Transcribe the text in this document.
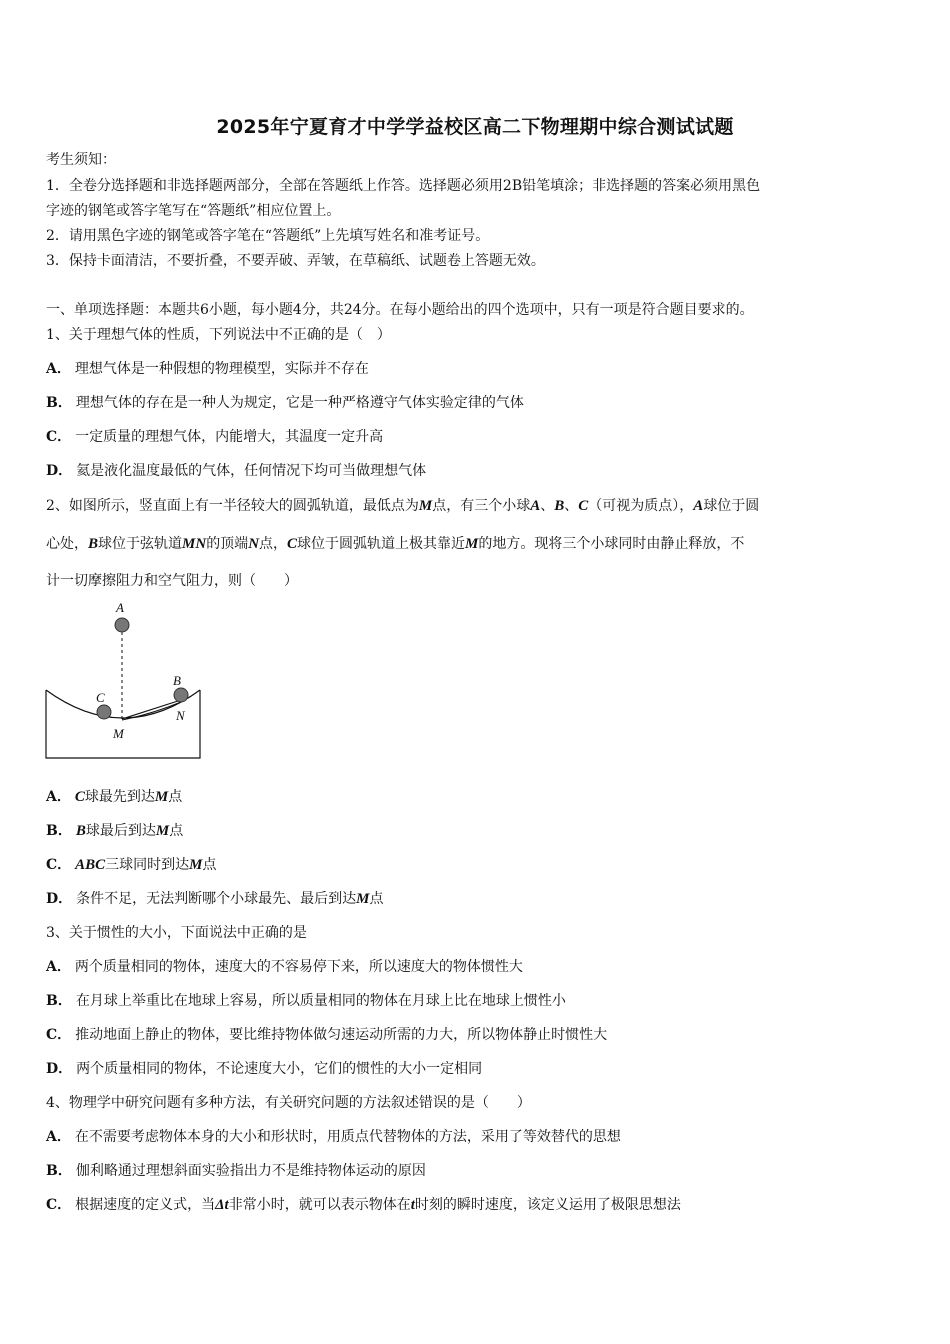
2025年宁夏育才中学学益校区高二下物理期中综合测试试题
考生须知：
1．全卷分选择题和非选择题两部分，全部在答题纸上作答。选择题必须用2B铅笔填涂；非选择题的答案必须用黑色
字迹的钢笔或答字笔写在“答题纸”相应位置上。
2．请用黑色字迹的钢笔或答字笔在“答题纸”上先填写姓名和准考证号。
3．保持卡面清洁，不要折叠，不要弄破、弄皱，在草稿纸、试题卷上答题无效。
一、单项选择题：本题共6小题，每小题4分，共24分。在每小题给出的四个选项中，只有一项是符合题目要求的。
1、关于理想气体的性质，下列说法中不正确的是（　）
A． 理想气体是一种假想的物理模型，实际并不存在
B． 理想气体的存在是一种人为规定，它是一种严格遵守气体实验定律的气体
C． 一定质量的理想气体，内能增大，其温度一定升高
D． 氦是液化温度最低的气体，任何情况下均可当做理想气体
2、如图所示，竖直面上有一半径较大的圆弧轨道，最低点为M点，有三个小球A、B、C（可视为质点），A球位于圆
心处，B球位于弦轨道MN的顶端N点，C球位于圆弧轨道上极其靠近M的地方。现将三个小球同时由静止释放，不
计一切摩擦阻力和空气阻力，则（　　）
A
B
C
M
N
A． C球最先到达M点
B． B球最后到达M点
C． ABC三球同时到达M点
D． 条件不足，无法判断哪个小球最先、最后到达M点
3、关于惯性的大小，下面说法中正确的是
A． 两个质量相同的物体，速度大的不容易停下来，所以速度大的物体惯性大
B． 在月球上举重比在地球上容易，所以质量相同的物体在月球上比在地球上惯性小
C． 推动地面上静止的物体，要比维持物体做匀速运动所需的力大，所以物体静止时惯性大
D． 两个质量相同的物体，不论速度大小，它们的惯性的大小一定相同
4、物理学中研究问题有多种方法，有关研究问题的方法叙述错误的是（　　）
A． 在不需要考虑物体本身的大小和形状时，用质点代替物体的方法，采用了等效替代的思想
B． 伽利略通过理想斜面实验指出力不是维持物体运动的原因
C． 根据速度的定义式，当Δt非常小时，就可以表示物体在t时刻的瞬时速度，该定义运用了极限思想法
